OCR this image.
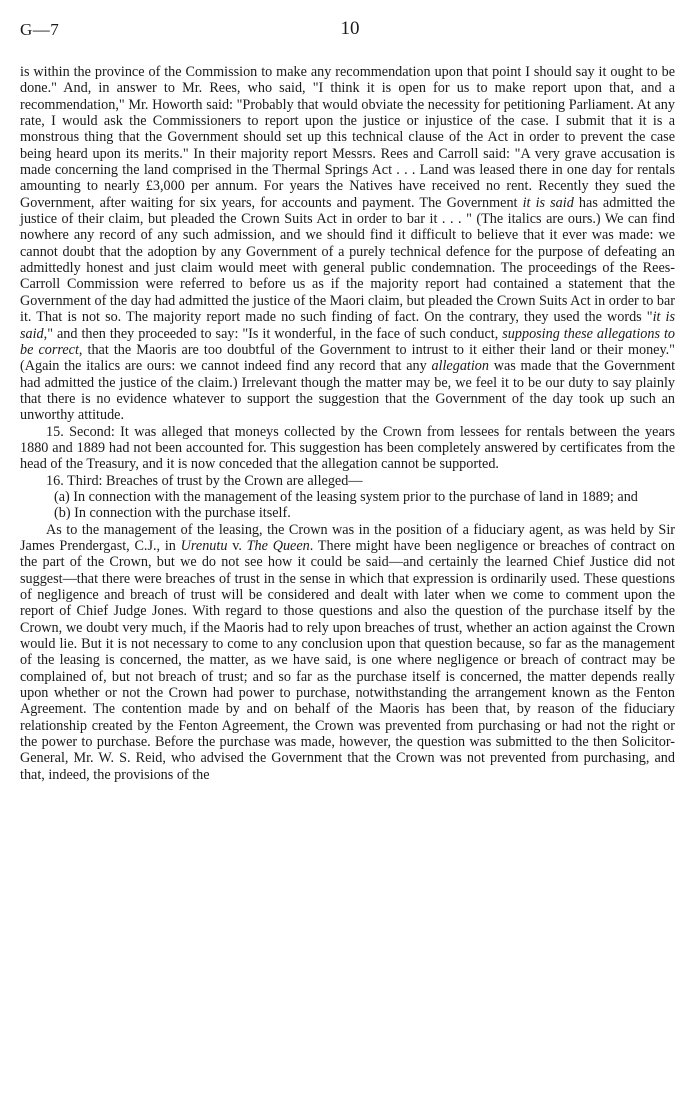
G—7	10

is within the province of the Commission to make any recommendation upon that point I should say it ought to be done." And, in answer to Mr. Rees, who said, "I think it is open for us to make report upon that, and a recommendation," Mr. Howorth said: "Probably that would obviate the necessity for petitioning Parliament. At any rate, I would ask the Commissioners to report upon the justice or injustice of the case. I submit that it is a monstrous thing that the Government should set up this technical clause of the Act in order to prevent the case being heard upon its merits." In their majority report Messrs. Rees and Carroll said: "A very grave accusation is made concerning the land comprised in the Thermal Springs Act . . . Land was leased there in one day for rentals amounting to nearly £3,000 per annum. For years the Natives have received no rent. Recently they sued the Government, after waiting for six years, for accounts and payment. The Government it is said has admitted the justice of their claim, but pleaded the Crown Suits Act in order to bar it . . . " (The italics are ours.) We can find nowhere any record of any such admission, and we should find it difficult to believe that it ever was made: we cannot doubt that the adoption by any Government of a purely technical defence for the purpose of defeating an admittedly honest and just claim would meet with general public condemnation. The proceedings of the Rees-Carroll Commission were referred to before us as if the majority report had contained a statement that the Government of the day had admitted the justice of the Maori claim, but pleaded the Crown Suits Act in order to bar it. That is not so. The majority report made no such finding of fact. On the contrary, they used the words "it is said," and then they proceeded to say: "Is it wonderful, in the face of such conduct, supposing these allegations to be correct, that the Maoris are too doubtful of the Government to intrust to it either their land or their money." (Again the italics are ours: we cannot indeed find any record that any allegation was made that the Government had admitted the justice of the claim.) Irrelevant though the matter may be, we feel it to be our duty to say plainly that there is no evidence whatever to support the suggestion that the Government of the day took up such an unworthy attitude.

15. Second: It was alleged that moneys collected by the Crown from lessees for rentals between the years 1880 and 1889 had not been accounted for. This suggestion has been completely answered by certificates from the head of the Treasury, and it is now conceded that the allegation cannot be supported.

16. Third: Breaches of trust by the Crown are alleged—

(a) In connection with the management of the leasing system prior to the purchase of land in 1889; and

(b) In connection with the purchase itself.

As to the management of the leasing, the Crown was in the position of a fiduciary agent, as was held by Sir James Prendergast, C.J., in Urenutu v. The Queen. There might have been negligence or breaches of contract on the part of the Crown, but we do not see how it could be said—and certainly the learned Chief Justice did not suggest—that there were breaches of trust in the sense in which that expression is ordinarily used. These questions of negligence and breach of trust will be considered and dealt with later when we come to comment upon the report of Chief Judge Jones. With regard to those questions and also the question of the purchase itself by the Crown, we doubt very much, if the Maoris had to rely upon breaches of trust, whether an action against the Crown would lie. But it is not necessary to come to any conclusion upon that question because, so far as the management of the leasing is concerned, the matter, as we have said, is one where negligence or breach of contract may be complained of, but not breach of trust; and so far as the purchase itself is concerned, the matter depends really upon whether or not the Crown had power to purchase, notwithstanding the arrangement known as the Fenton Agreement. The contention made by and on behalf of the Maoris has been that, by reason of the fiduciary relationship created by the Fenton Agreement, the Crown was prevented from purchasing or had not the right or the power to purchase. Before the purchase was made, however, the question was submitted to the then Solicitor-General, Mr. W. S. Reid, who advised the Government that the Crown was not prevented from purchasing, and that, indeed, the provisions of the
